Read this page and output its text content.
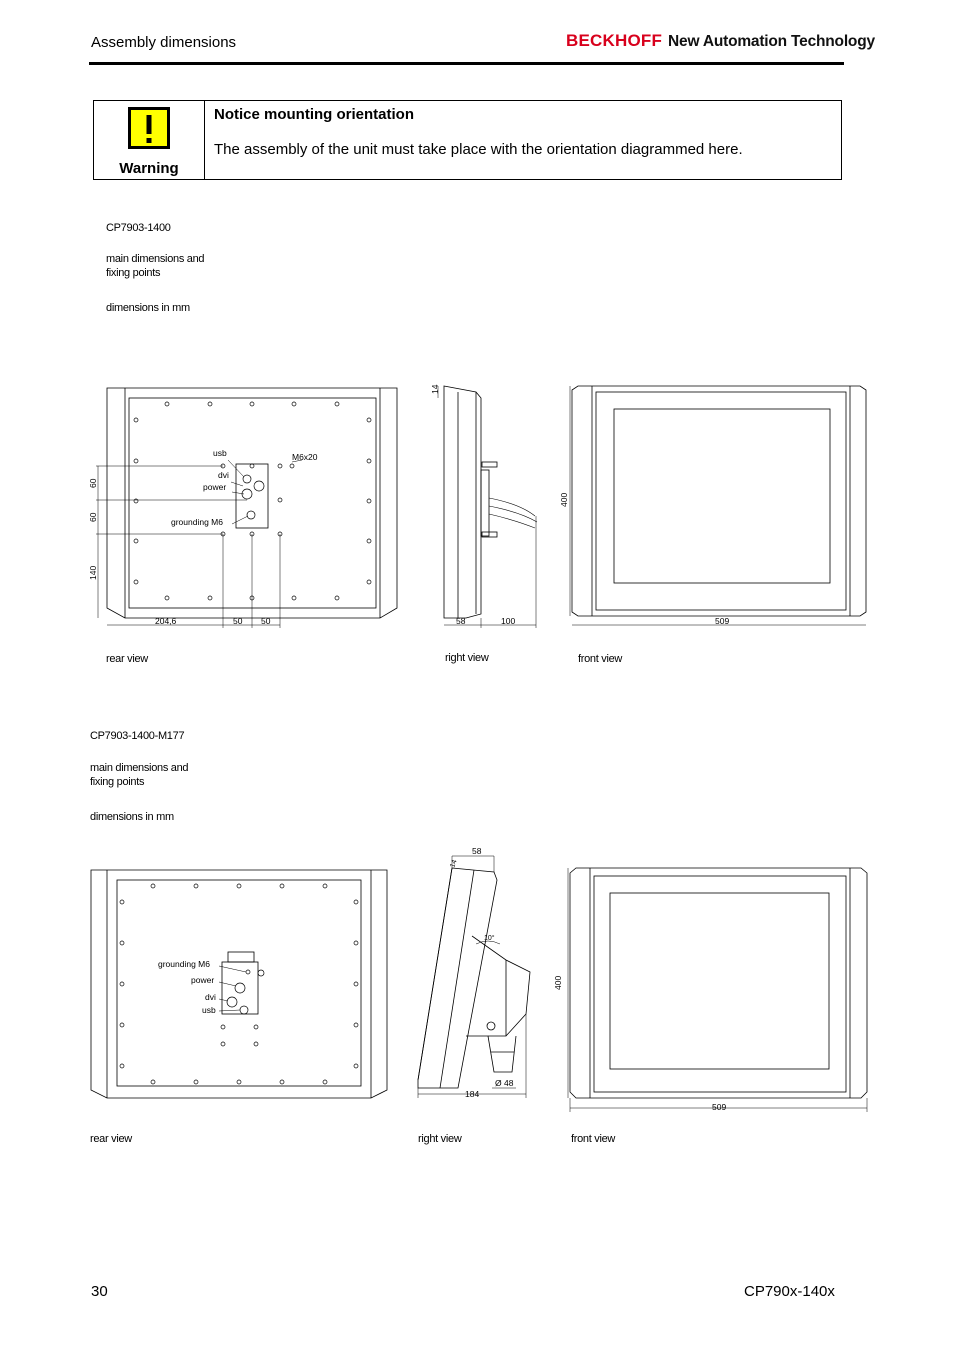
Assembly dimensions	BECKHOFF New Automation Technology
Warning
Notice mounting orientation
The assembly of the unit must take place with the orientation diagrammed here.
CP7903-1400
main dimensions and
fixing points
dimensions in mm
usb
dvi
power
grounding M6
M6x20
204,6	50 50
60
60
140
14
58	100
400
509
rear view	right view	front view
CP7903-1400-M177
main dimensions and
fixing points
dimensions in mm
grounding M6
power
dvi
usb
58
10°
Ø 48
184
14
400
509
rear view	right view	front view
30	CP790x-140x
